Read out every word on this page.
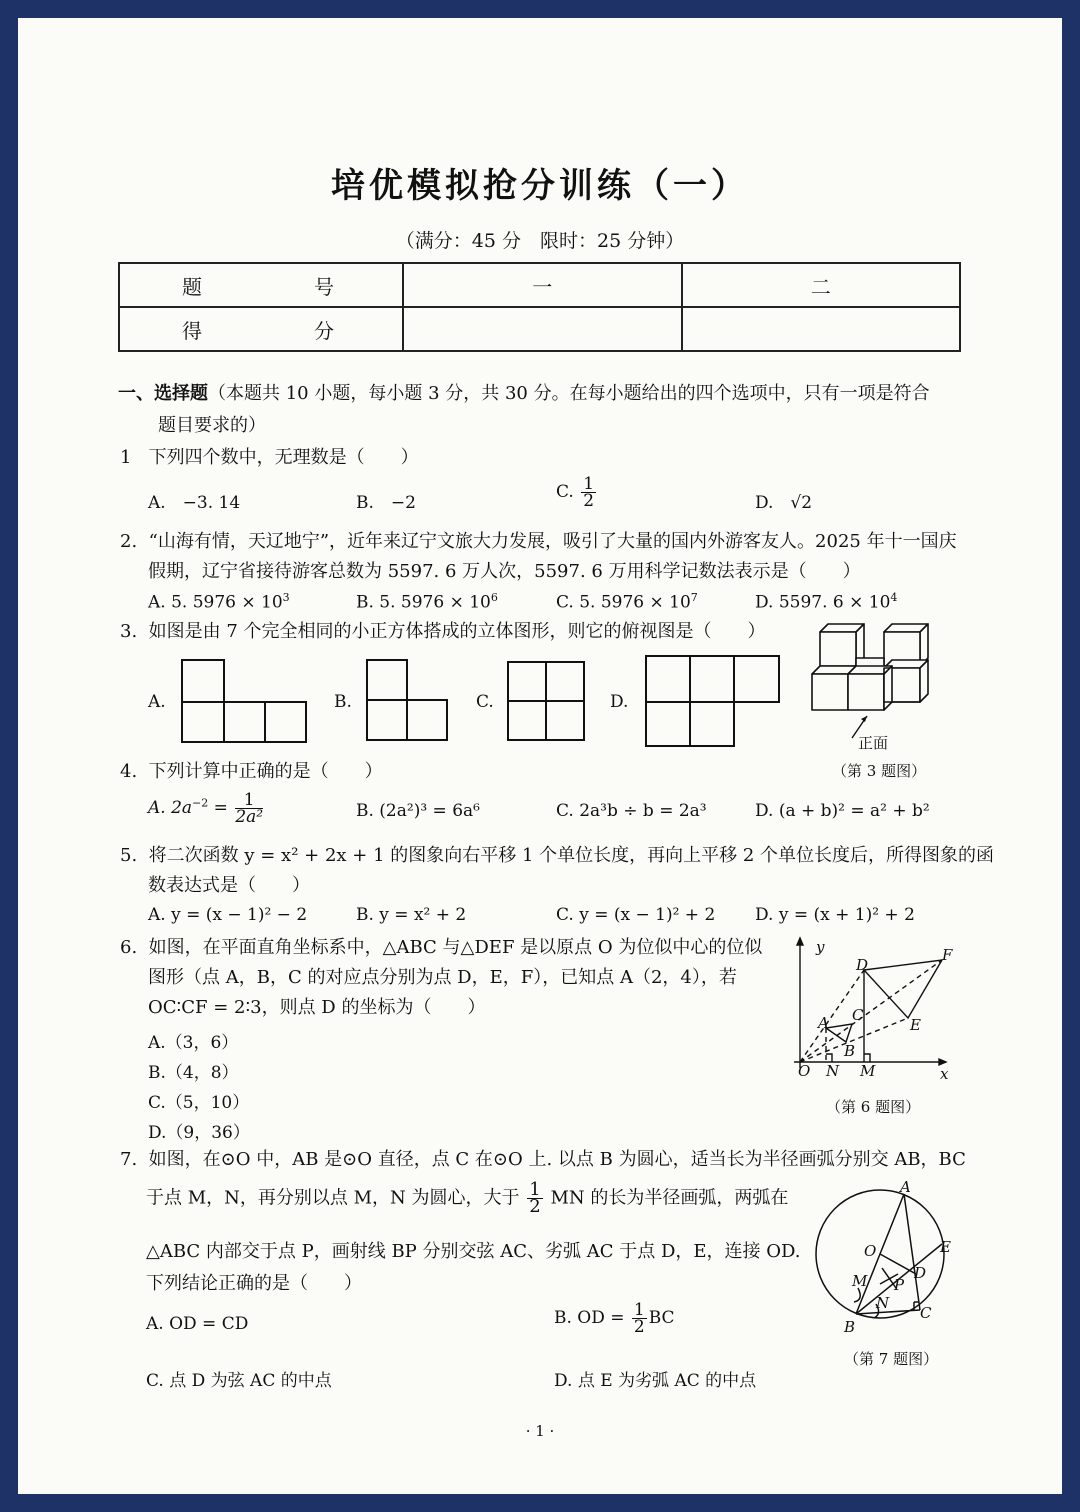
培优模拟抢分训练（一）
（满分：45 分　限时：25 分钟）
题　号	一	二
得　分		
一、选择题（本题共 10 小题，每小题 3 分，共 30 分。在每小题给出的四个选项中，只有一项是符合
题目要求的）
1 下列四个数中，无理数是（　　）
A.　−3. 14	B.　−2
C. $\frac{1}{2}$	D.　√2
2. “山海有情，天辽地宁”，近年来辽宁文旅大力发展，吸引了大量的国内外游客友人。2025 年十一国庆
假期，辽宁省接待游客总数为 5597. 6 万人次，5597. 6 万用科学记数法表示是（　　）
A. 5. $5976 \times 10^3$	B. 5. $5976 \times 10^6$	C. 5. $5976 \times 10^7$	D. 5597. $6 \times 10^4$
3. 如图是由 7 个完全相同的小正方体搭成的立体图形，则它的俯视图是（　　）
A.	B.	C.	D.
正面
（第 3 题图）
4. 下列计算中正确的是（　　）
A. $2a^{-2} = \frac{1}{\text{2a²}}$	B. (2a²)³ = 6a⁶	C. 2a³b ÷ b = 2a³	D. (a + b)² = a² + b²
5. 将二次函数 y = x² + 2x + 1 的图象向右平移 1 个单位长度，再向上平移 2 个单位长度后，所得图象的函
数表达式是（　　）
A. y = (x − 1)² − 2	B. y = x² + 2	C. y = (x − 1)² + 2 D. y = (x + 1)² + 2
6. 如图，在平面直角坐标系中，△ABC 与△DEF 是以原点 O 为位似中心的位似
图形（点 A，B，C 的对应点分别为点 D，E，F），已知点 A（2，4），若
OC∶CF = 2∶3，则点 D 的坐标为（　　）
A.（3，6）
B.（4，8）
C.（5，10）
D.（9，36）
y
x
O N M
A
B
C
D
E
F
（第 6 题图）
7. 如图，在⊙O 中，AB 是⊙O 直径，点 C 在⊙O 上. 以点 B 为圆心，适当长为半径画弧分别交 AB，BC
于点 M，N，再分别以点 M，N 为圆心，大于 $\frac{1}{2}$ MN 的长为半径画弧，两弧在
△ABC 内部交于点 P，画射线 BP 分别交弦 AC、劣弧 AC 于点 D，E，连接 OD.
下列结论正确的是（　　）
A. OD = CD	B. OD = $\frac{1}{2}$ BC
C. 点 D 为弦 AC 的中点	D. 点 E 为劣弧 AC 的中点
A
O	E
D
P
M
N
C
B
（第 7 题图）
· 1 ·
